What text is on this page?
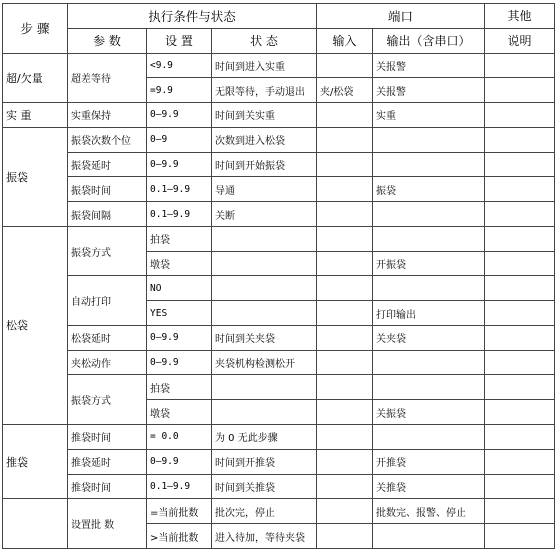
步 骤	执行条件与状态			端口		其他
	参 数	设 置	状 态	输入	输出（含串口）	说明
超/欠量	超差等待	<9.9	时间到进入实重		关报警	
		=9.9	无限等待，手动退出	夹/松袋	关报警	
实 重	实重保持	0—9.9	时间到关实重		实重	
振袋	振袋次数个位	0—9	次数到进入松袋			
	振袋延时	0—9.9	时间到开始振袋			
	振袋时间	0.1—9.9	导通		振袋	
	振袋间隔	0.1—9.9	关断			
松袋	振袋方式	拍袋				
		墩袋			开振袋	
	自动打印	NO				
		YES			打印输出	
	松袋延时	0—9.9	时间到关夹袋		关夹袋	
	夹松动作	0—9.9	夹袋机构检测松开			
	振袋方式	拍袋				
		墩袋			关振袋	
推袋	推袋时间	= 0.0	为 0 无此步骤			
	推袋延时	0—9.9	时间到开推袋		开推袋	
	推袋时间	0.1—9.9	时间到关推袋		关推袋	
	设置批 数	=当前批数	批次完，停止		批数完、报警、停止	
		>当前批数	进入待加，等待夹袋			
